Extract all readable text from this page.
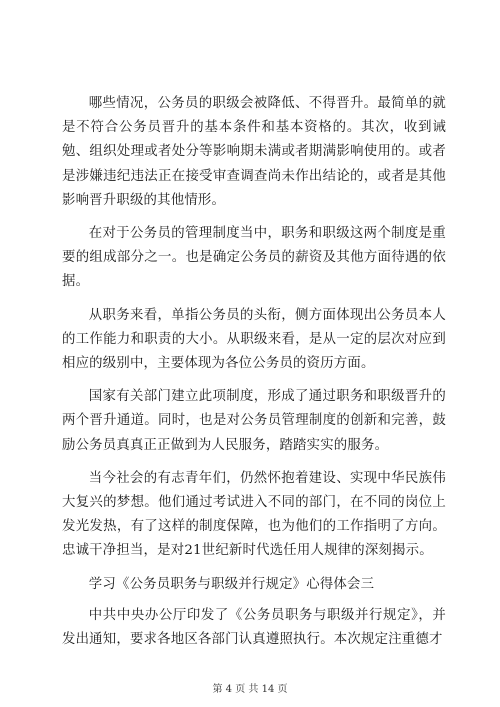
哪些情况，公务员的职级会被降低、不得晋升。最简单的就是不符合公务员晋升的基本条件和基本资格的。其次，收到诫勉、组织处理或者处分等影响期未满或者期满影响使用的。或者是涉嫌违纪违法正在接受审查调查尚未作出结论的，或者是其他影响晋升职级的其他情形。

在对于公务员的管理制度当中，职务和职级这两个制度是重要的组成部分之一。也是确定公务员的薪资及其他方面待遇的依据。

从职务来看，单指公务员的头衔，侧方面体现出公务员本人的工作能力和职责的大小。从职级来看，是从一定的层次对应到相应的级别中，主要体现为各位公务员的资历方面。

国家有关部门建立此项制度，形成了通过职务和职级晋升的两个晋升通道。同时，也是对公务员管理制度的创新和完善，鼓励公务员真真正正做到为人民服务，踏踏实实的服务。

当今社会的有志青年们，仍然怀抱着建设、实现中华民族伟大复兴的梦想。他们通过考试进入不同的部门，在不同的岗位上发光发热，有了这样的制度保障，也为他们的工作指明了方向。忠诚干净担当，是对21世纪新时代选任用人规律的深刻揭示。

学习《公务员职务与职级并行规定》心得体会三

中共中央办公厅印发了《公务员职务与职级并行规定》，并发出通知，要求各地区各部门认真遵照执行。本次规定注重德才

第 4 页 共 14 页
